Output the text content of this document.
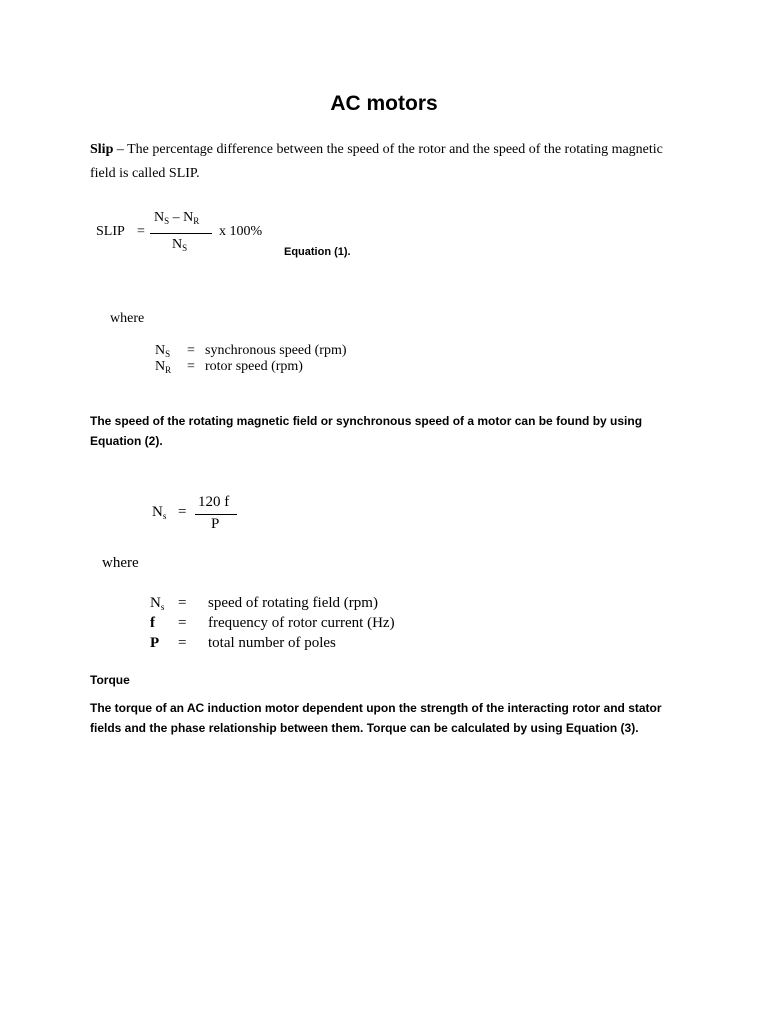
AC motors
Slip – The percentage difference between the speed of the rotor and the speed of the rotating magnetic field is called SLIP.
SLIP =
$N_S - N_R$
$N_S$
x 100%
Equation (1).
where
$N_S$	=	synchronous speed (rpm)
$N_R$	=	rotor speed (rpm)
The speed of the rotating magnetic field or synchronous speed of a motor can be found by using Equation (2).
$N_s$ =
120 f
P
where
$N_s$	=	speed of rotating field (rpm)
f	=	frequency of rotor current (Hz)
P	=	total number of poles
Torque
The torque of an AC induction motor dependent upon the strength of the interacting rotor and stator fields and the phase relationship between them. Torque can be calculated by using Equation (3).
